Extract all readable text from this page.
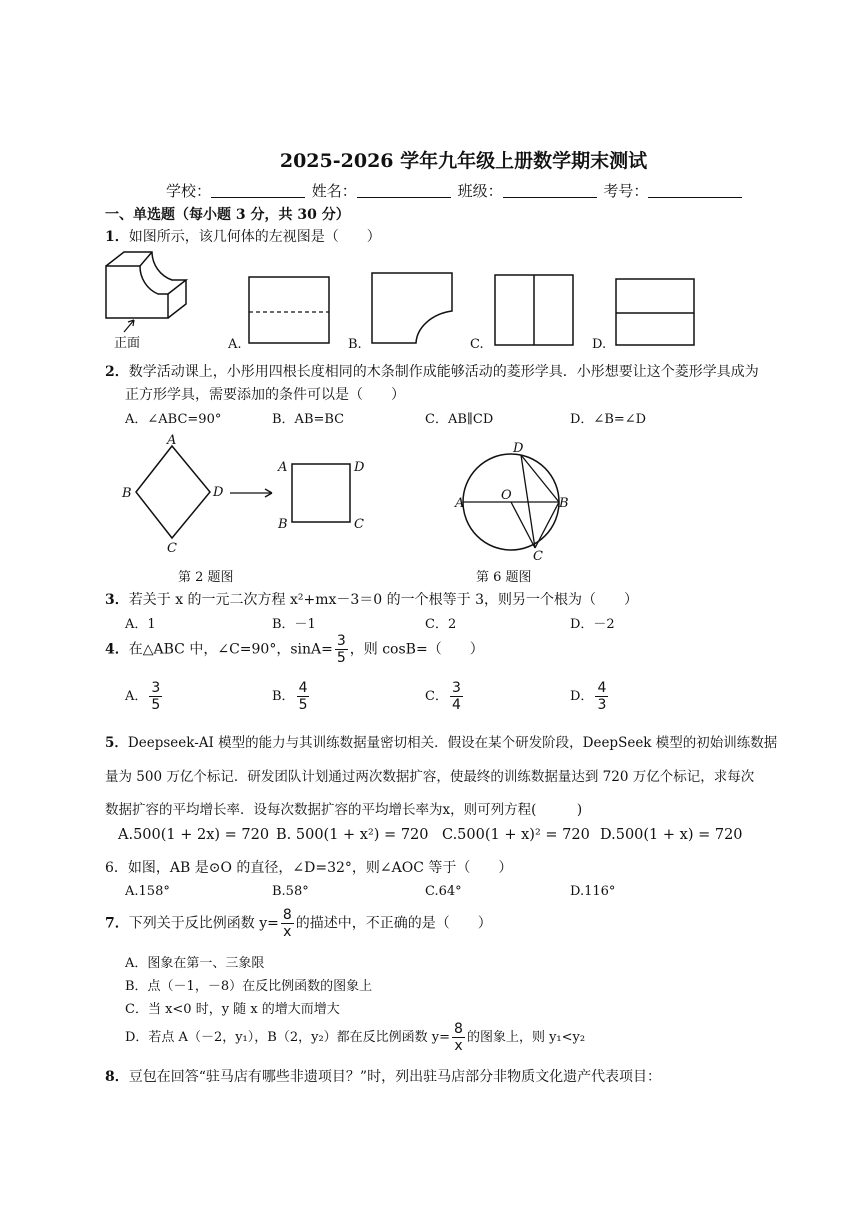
2025-2026 学年九年级上册数学期末测试
学校：	姓名：	班级：	考号：
一、单选题（每小题 3 分，共 30 分）
1．如图所示，该几何体的左视图是（　　）
正面	A.	B.	C.	D.
2．数学活动课上，小彤用四根长度相同的木条制作成能够活动的菱形学具．小彤想要让这个菱形学具成为
正方形学具，需要添加的条件可以是（　　）
A．∠ABC=90°	B．AB=BC	C．AB∥CD	D．∠B=∠D
A
B
C
D
A	D
B	C
第 2 题图
D
A
O
B
C
第 6 题图
3．若关于 x 的一元二次方程 x²+mx－3＝0 的一个根等于 3，则另一个根为（　　）
A．1	B．－1	C．2	D．－2
4．在△ABC 中，∠C=90°，$\sin A= \frac{3}{5}$ ，则 cosB=（　　）
A． $\frac{3}{5}$	B． $\frac{4}{5}$	C． $\frac{3}{4}$	D． $\frac{4}{3}$
5．Deepseek-AI 模型的能力与其训练数据量密切相关．假设在某个研发阶段，DeepSeek 模型的初始训练数据
量为 500 万亿个标记．研发团队计划通过两次数据扩容，使最终的训练数据量达到 720 万亿个标记，求每次
数据扩容的平均增长率．设每次数据扩容的平均增长率为x，则可列方程(　　　)
A.500(1 + 2x) = 720 B. 500(1 + x²) = 720 C.500(1 + x)² = 720 D.500(1 + x) = 720
6．如图，AB 是⊙O 的直径，∠D=32°，则∠AOC 等于（　　）
A.158°	B.58°	C.64°	D.116°
7．下列关于反比例函数 $y= \frac{8}{x}$ 的描述中，不正确的是（　　）
A．图象在第一、三象限
B．点（－1，－8）在反比例函数的图象上
C．当 x<0 时，y 随 x 的增大而增大
D．若点 A（－2，y₁），B（2，y₂）都在反比例函数 $y= \frac{8}{x}$ 的图象上，则 y₁<y₂
8．豆包在回答“驻马店有哪些非遗项目？”时，列出驻马店部分非物质文化遗产代表项目：
